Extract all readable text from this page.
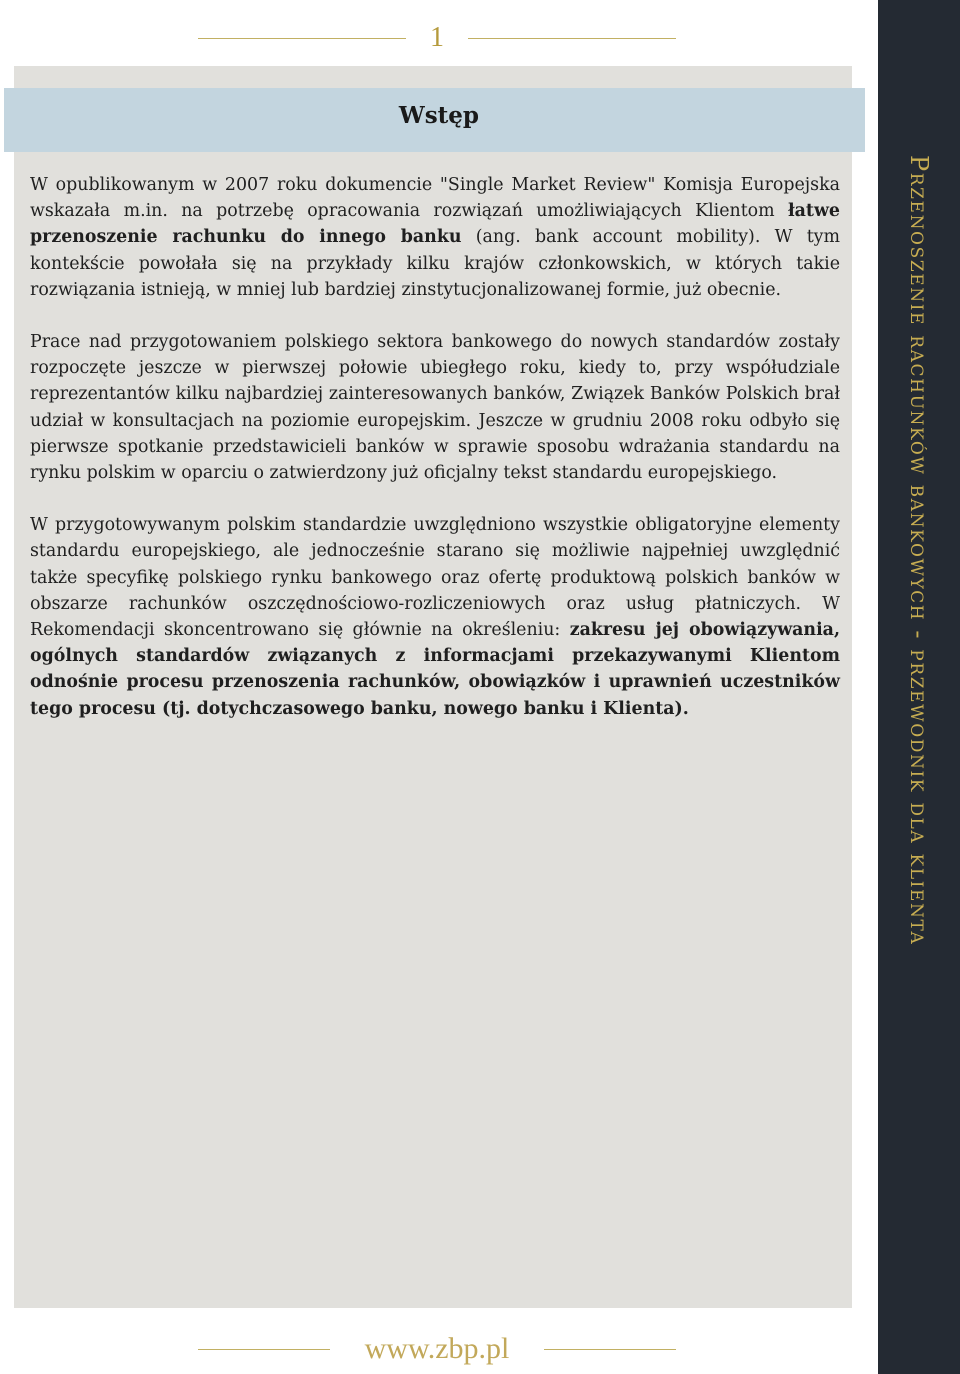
1
Wstęp

W opublikowanym w 2007 roku dokumencie "Single Market Review" Komisja Europejska wskazała m.in. na potrzebę opracowania rozwiązań umożliwiających Klientom łatwe przenoszenie rachunku do innego banku (ang. bank account mobility). W tym kontekście powołała się na przykłady kilku krajów członkowskich, w których takie rozwiązania istnieją, w mniej lub bardziej zinstytucjonalizowanej formie, już obecnie.

Prace nad przygotowaniem polskiego sektora bankowego do nowych standardów zostały rozpoczęte jeszcze w pierwszej połowie ubiegłego roku, kiedy to, przy współudziale reprezentantów kilku najbardziej zainteresowanych banków, Związek Banków Polskich brał udział w konsultacjach na poziomie europejskim. Jeszcze w grudniu 2008 roku odbyło się pierwsze spotkanie przedstawicieli banków w sprawie sposobu wdrażania standardu na rynku polskim w oparciu o zatwierdzony już oficjalny tekst standardu europejskiego.

W przygotowywanym polskim standardzie uwzględniono wszystkie obligatoryjne elementy standardu europejskiego, ale jednocześnie starano się możliwie najpełniej uwzględnić także specyfikę polskiego rynku bankowego oraz ofertę produktową polskich banków w obszarze rachunków oszczędnościowo-rozliczeniowych oraz usług płatniczych. W Rekomendacji skoncentrowano się głównie na określeniu: zakresu jej obowiązywania, ogólnych standardów związanych z informacjami przekazywanymi Klientom odnośnie procesu przenoszenia rachunków, obowiązków i uprawnień uczestników tego procesu (tj. dotychczasowego banku, nowego banku i Klienta).	Przenoszenie rachunków bankowych - przewodnik dla klienta
www.zbp.pl
